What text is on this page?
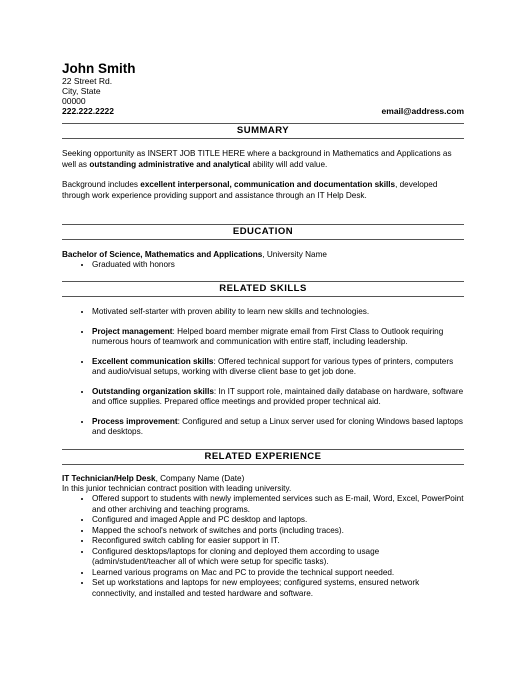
John Smith
22 Street Rd.
City, State
00000
222.222.2222	email@address.com
SUMMARY

Seeking opportunity as INSERT JOB TITLE HERE where a background in Mathematics and Applications as well as outstanding administrative and analytical ability will add value.

Background includes excellent interpersonal, communication and documentation skills, developed through work experience providing support and assistance through an IT Help Desk.

EDUCATION

Bachelor of Science, Mathematics and Applications, University Name

• Graduated with honors
RELATED SKILLS
• Motivated self-starter with proven ability to learn new skills and technologies.
• Project management: Helped board member migrate email from First Class to Outlook requiring numerous hours of teamwork and communication with entire staff, including leadership.
• Excellent communication skills: Offered technical support for various types of printers, computers and audio/visual setups, working with diverse client base to get job done.
• Outstanding organization skills: In IT support role, maintained daily database on hardware, software and office supplies. Prepared office meetings and provided proper technical aid.
• Process improvement: Configured and setup a Linux server used for cloning Windows based laptops and desktops.
RELATED EXPERIENCE

IT Technician/Help Desk, Company Name (Date)

In this junior technician contract position with leading university.

• Offered support to students with newly implemented services such as E-mail, Word, Excel, PowerPoint and other archiving and teaching programs.
• Configured and imaged Apple and PC desktop and laptops.
• Mapped the school's network of switches and ports (including traces).
• Reconfigured switch cabling for easier support in IT.
• Configured desktops/laptops for cloning and deployed them according to usage (admin/student/teacher all of which were setup for specific tasks).
• Learned various programs on Mac and PC to provide the technical support needed.
• Set up workstations and laptops for new employees; configured systems, ensured network connectivity, and installed and tested hardware and software.
